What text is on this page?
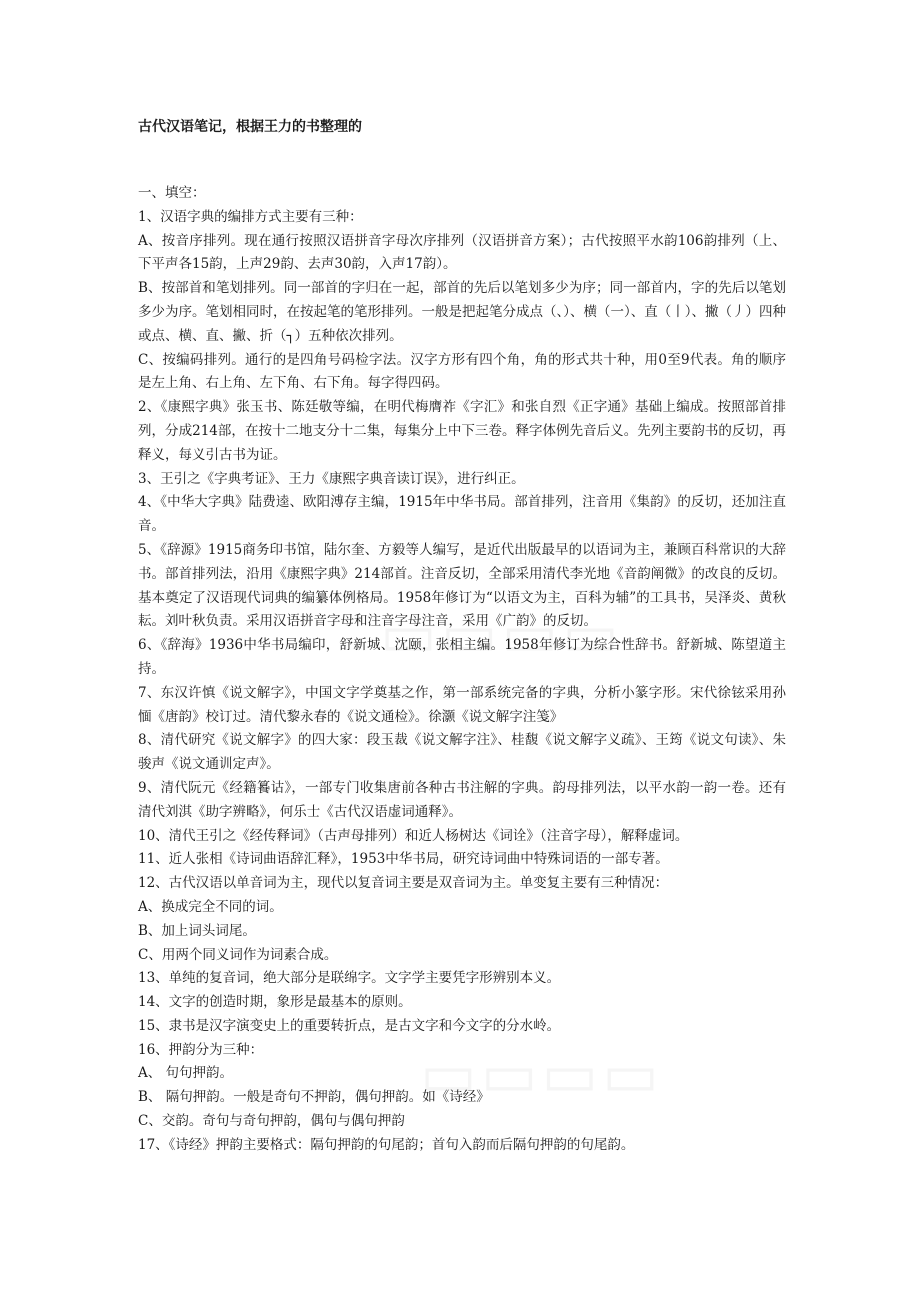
古代汉语笔记，根据王力的书整理的

一、填空：

1、汉语字典的编排方式主要有三种：

A、按音序排列。现在通行按照汉语拼音字母次序排列（汉语拼音方案）；古代按照平水韵106韵排列（上、下平声各15韵，上声29韵、去声30韵，入声17韵）。

B、按部首和笔划排列。同一部首的字归在一起，部首的先后以笔划多少为序；同一部首内，字的先后以笔划多少为序。笔划相同时，在按起笔的笔形排列。一般是把起笔分成点（、）、横（一）、直（丨）、撇（丿）四种或点、横、直、撇、折（┐）五种依次排列。

C、按编码排列。通行的是四角号码检字法。汉字方形有四个角，角的形式共十种，用0至9代表。角的顺序是左上角、右上角、左下角、右下角。每字得四码。

2、《康熙字典》张玉书、陈廷敬等编，在明代梅膺祚《字汇》和张自烈《正字通》基础上编成。按照部首排列，分成214部，在按十二地支分十二集，每集分上中下三卷。释字体例先音后义。先列主要韵书的反切，再释义，每义引古书为证。

3、王引之《字典考证》、王力《康熙字典音读订误》，进行纠正。

4、《中华大字典》陆费逵、欧阳溥存主编，1915年中华书局。部首排列，注音用《集韵》的反切，还加注直音。

5、《辞源》1915商务印书馆，陆尔奎、方毅等人编写，是近代出版最早的以语词为主，兼顾百科常识的大辞书。部首排列法，沿用《康熙字典》214部首。注音反切，全部采用清代李光地《音韵阐微》的改良的反切。基本奠定了汉语现代词典的编纂体例格局。1958年修订为“以语文为主，百科为辅”的工具书，吴泽炎、黄秋耘。刘叶秋负责。采用汉语拼音字母和注音字母注音，采用《广韵》的反切。

6、《辞海》1936中华书局编印，舒新城、沈颐，张相主编。1958年修订为综合性辞书。舒新城、陈望道主持。

7、东汉许慎《说文解字》，中国文字学奠基之作，第一部系统完备的字典，分析小篆字形。宋代徐铉采用孙愐《唐韵》校订过。清代黎永春的《说文通检》。徐灏《说文解字注笺》

8、清代研究《说文解字》的四大家：段玉裁《说文解字注》、桂馥《说文解字义疏》、王筠《说文句读》、朱骏声《说文通训定声》。

9、清代阮元《经籍籑诂》，一部专门收集唐前各种古书注解的字典。韵母排列法，以平水韵一韵一卷。还有清代刘淇《助字辨略》，何乐士《古代汉语虚词通释》。

10、清代王引之《经传释词》（古声母排列）和近人杨树达《词诠》（注音字母），解释虚词。

11、近人张相《诗词曲语辞汇释》，1953中华书局，研究诗词曲中特殊词语的一部专著。

12、古代汉语以单音词为主，现代以复音词主要是双音词为主。单变复主要有三种情况：

A、换成完全不同的词。

B、加上词头词尾。

C、用两个同义词作为词素合成。

13、单纯的复音词，绝大部分是联绵字。文字学主要凭字形辨别本义。

14、文字的创造时期，象形是最基本的原则。

15、隶书是汉字演变史上的重要转折点，是古文字和今文字的分水岭。

16、押韵分为三种：

A、 句句押韵。

B、 隔句押韵。一般是奇句不押韵，偶句押韵。如《诗经》

C、交韵。奇句与奇句押韵，偶句与偶句押韵

17、《诗经》押韵主要格式：隔句押韵的句尾韵；首句入韵而后隔句押韵的句尾韵。
